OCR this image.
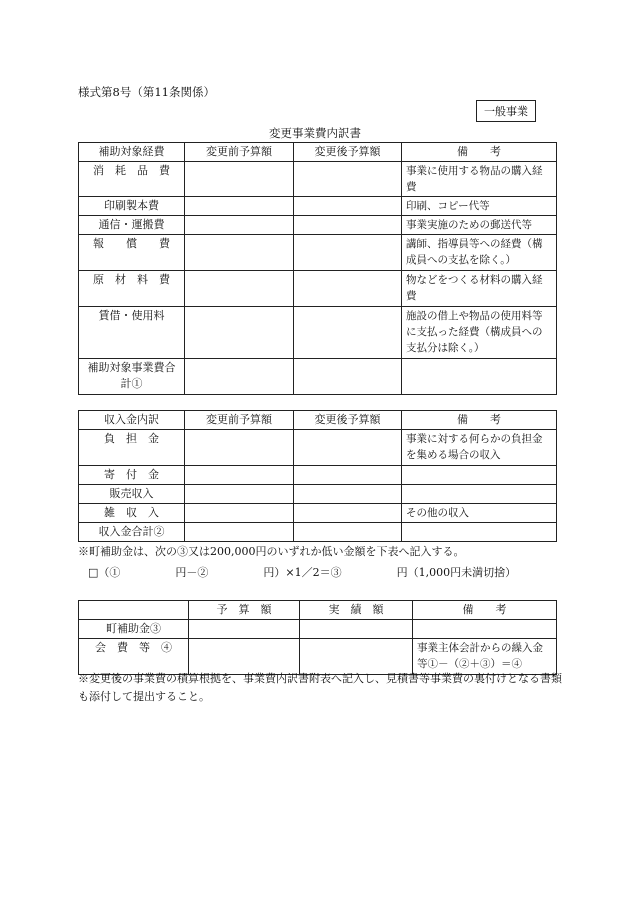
様式第8号（第11条関係）
一般事業
変更事業費内訳書
補助対象経費	変更前予算額	変更後予算額	備　　考
消　耗　品　費			事業に使用する物品の購入経費
印刷製本費			印刷、コピー代等
通信・運搬費			事業実施のための郵送代等
報　　償　　費			講師、指導員等への経費（構成員への支払を除く。）
原　材　料　費			物などをつくる材料の購入経費
賃借・使用料			施設の借上や物品の使用料等に支払った経費（構成員への支払分は除く。）
補助対象事業費合計①			
収入金内訳	変更前予算額	変更後予算額	備　　考
負　担　金			事業に対する何らかの負担金を集める場合の収入
寄　付　金			
販売収入			
雑　収　入			その他の収入
収入金合計②			
※町補助金は、次の③又は200,000円のいずれか低い金額を下表へ記入する。
□（①　　　　　円－②　　　　　円）×1／2＝③　　　　　円（1,000円未満切捨）
	予　算　額	実　績　額	備　　考
町補助金③			
会　費　等　④			事業主体会計からの繰入金等①－（②＋③）＝④
※変更後の事業費の積算根拠を、事業費内訳書附表へ記入し、見積書等事業費の裏付けとなる書類も添付して提出すること。
